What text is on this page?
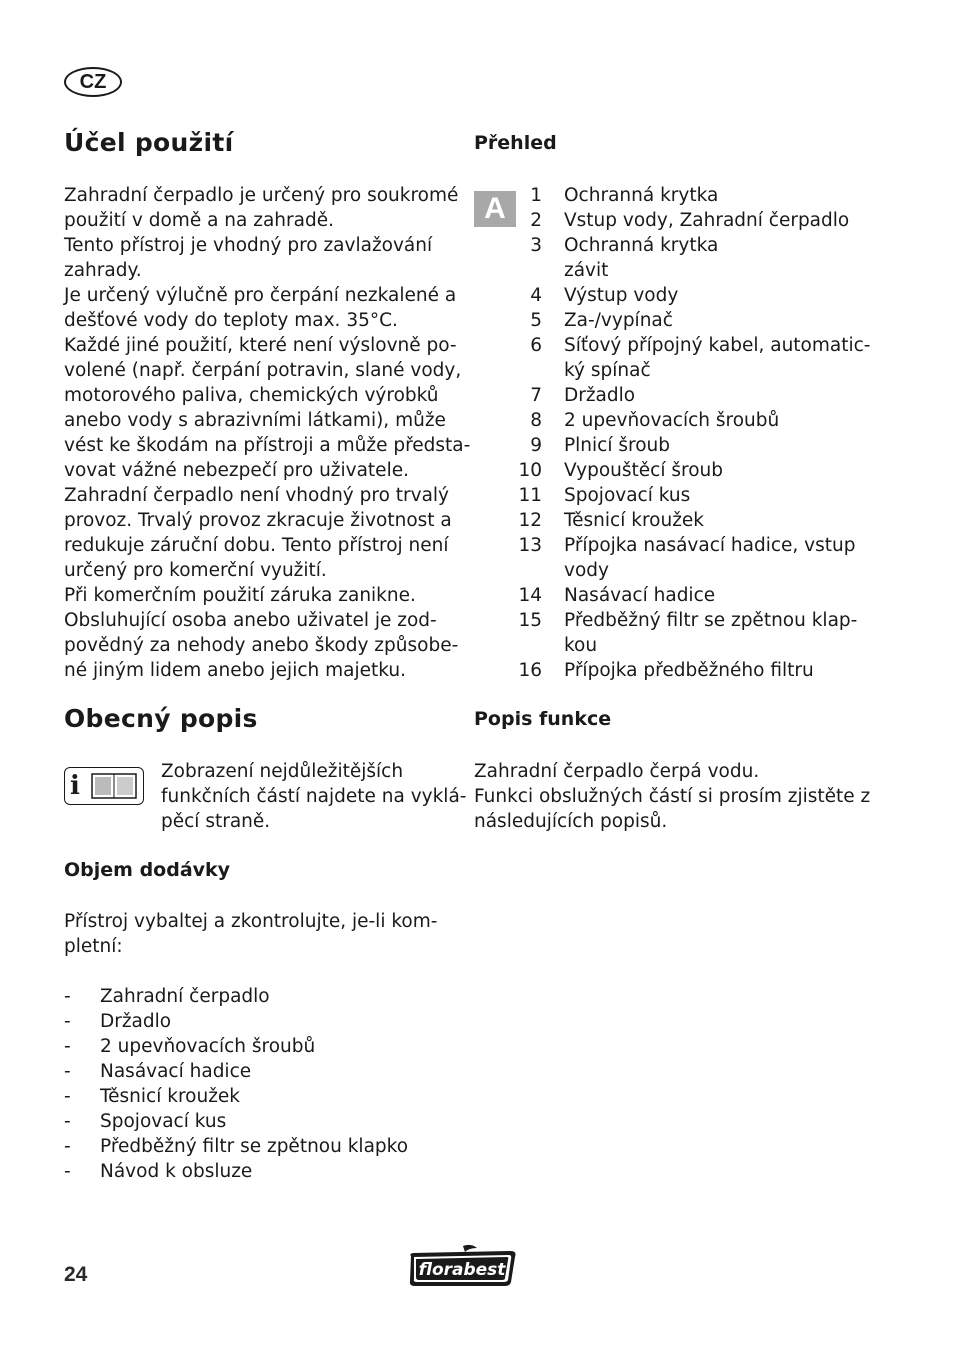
CZ
Účel použití
Zahradní čerpadlo je určený pro soukromé
použití v domě a na zahradě.
Tento přístroj je vhodný pro zavlažování
zahrady.
Je určený výlučně pro čerpání nezkalené a
dešťové vody do teploty max. 35°C.
Každé jiné použití, které není výslovně po-
volené (např. čerpání potravin, slané vody,
motorového paliva, chemických výrobků
anebo vody s abrazivními látkami), může
vést ke škodám na přístroji a může předsta-
vovat vážné nebezpečí pro uživatele.
Zahradní čerpadlo není vhodný pro trvalý
provoz. Trvalý provoz zkracuje životnost a
redukuje záruční dobu. Tento přístroj není
určený pro komerční využití.
Při komerčním použití záruka zanikne.
Obsluhující osoba anebo uživatel je zod-
povědný za nehody anebo škody způsobe-
né jiným lidem anebo jejich majetku.
Obecný popis
i	Zobrazení nejdůležitějších
funkčních částí najdete na vyklá-
pěcí straně.
Objem dodávky
Přístroj vybaltej a zkontrolujte, je-li kom-
pletní:
- Zahradní čerpadlo
- Držadlo
- 2 upevňovacích šroubů
- Nasávací hadice
- Těsnicí kroužek
- Spojovací kus
- Předběžný filtr se zpětnou klapko
- Návod k obsluze
Přehled
A	1 Ochranná krytka
2 Vstup vody, Zahradní čerpadlo
3 Ochranná krytka
závit
4 Výstup vody
5 Za-/vypínač
6 Síťový přípojný kabel, automatic-
ký spínač
7 Držadlo
8 2 upevňovacích šroubů
9 Plnicí šroub
10 Vypouštěcí šroub
11 Spojovací kus
12 Těsnicí kroužek
13 Přípojka nasávací hadice, vstup
vody
14 Nasávací hadice
15 Předběžný filtr se zpětnou klap-
kou
16 Přípojka předběžného filtru
Popis funkce
Zahradní čerpadlo čerpá vodu.
Funkci obslužných částí si prosím zjistěte z
následujících popisů.
24	florabest
